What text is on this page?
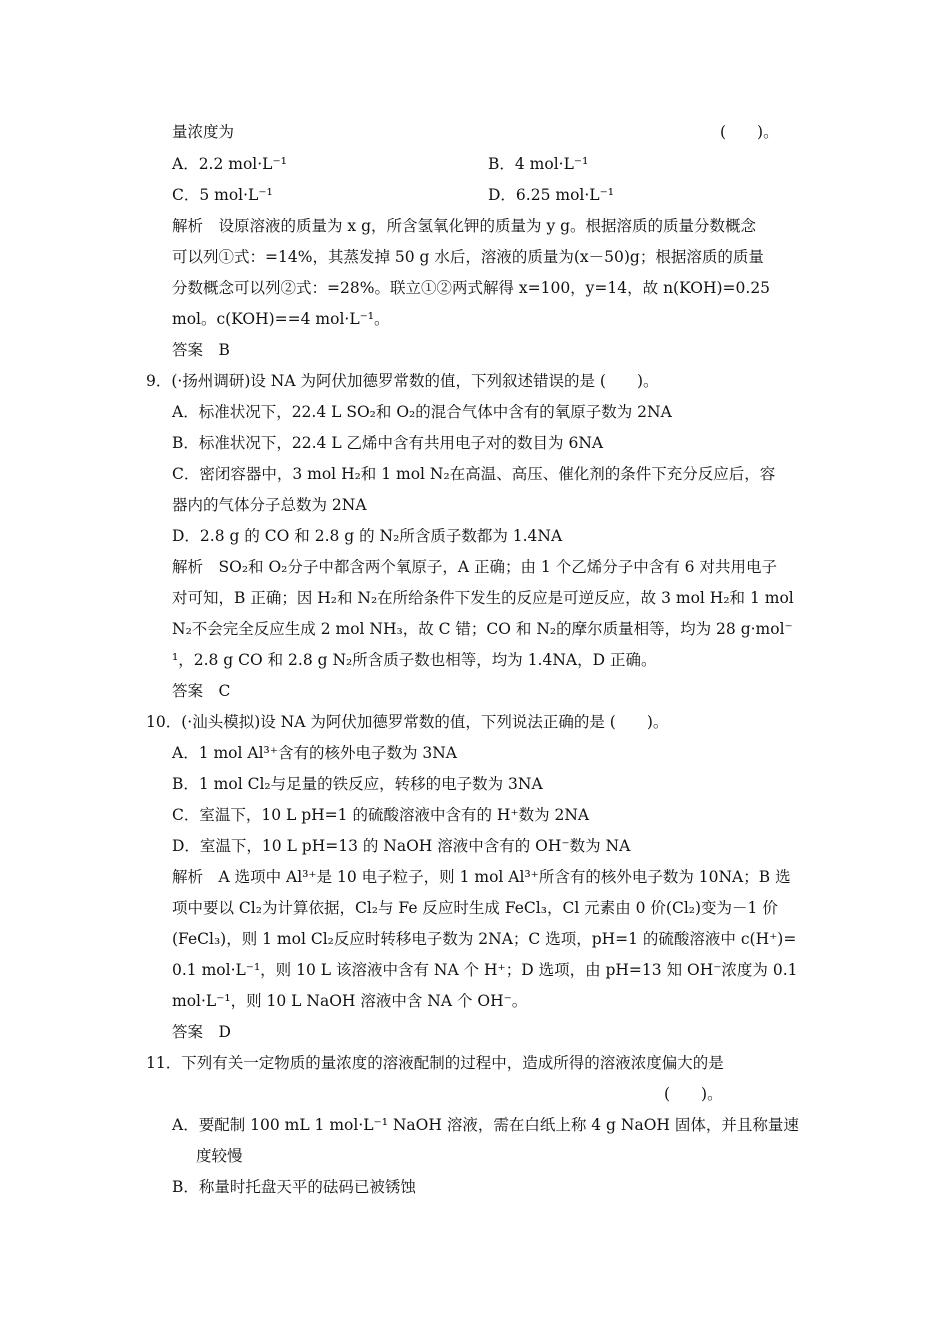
量浓度为	(　　)。
A．2.2 mol·L⁻¹	B．4 mol·L⁻¹
C．5 mol·L⁻¹	D．6.25 mol·L⁻¹
解析　设原溶液的质量为 x g，所含氢氧化钾的质量为 y g。根据溶质的质量分数概念
可以列①式：=14%，其蒸发掉 50 g 水后，溶液的质量为(x－50)g；根据溶质的质量
分数概念可以列②式：=28%。联立①②两式解得 x=100，y=14，故 n(KOH)=0.25
mol。c(KOH)==4 mol·L⁻¹。
答案　B
9．(·扬州调研)设 NA 为阿伏加德罗常数的值，下列叙述错误的是 (　　)。
A．标准状况下，22.4 L SO₂和 O₂的混合气体中含有的氧原子数为 2NA
B．标准状况下，22.4 L 乙烯中含有共用电子对的数目为 6NA
C．密闭容器中，3 mol H₂和 1 mol N₂在高温、高压、催化剂的条件下充分反应后，容
器内的气体分子总数为 2NA
D．2.8 g 的 CO 和 2.8 g 的 N₂所含质子数都为 1.4NA
解析　SO₂和 O₂分子中都含两个氧原子，A 正确；由 1 个乙烯分子中含有 6 对共用电子
对可知，B 正确；因 H₂和 N₂在所给条件下发生的反应是可逆反应，故 3 mol H₂和 1 mol
N₂不会完全反应生成 2 mol NH₃，故 C 错；CO 和 N₂的摩尔质量相等，均为 28 g·mol⁻
¹，2.8 g CO 和 2.8 g N₂所含质子数也相等，均为 1.4NA，D 正确。
答案　C
10．(·汕头模拟)设 NA 为阿伏加德罗常数的值，下列说法正确的是 (　　)。
A．1 mol Al³⁺含有的核外电子数为 3NA
B．1 mol Cl₂与足量的铁反应，转移的电子数为 3NA
C．室温下，10 L pH=1 的硫酸溶液中含有的 H⁺数为 2NA
D．室温下，10 L pH=13 的 NaOH 溶液中含有的 OH⁻数为 NA
解析　A 选项中 Al³⁺是 10 电子粒子，则 1 mol Al³⁺所含有的核外电子数为 10NA；B 选
项中要以 Cl₂为计算依据，Cl₂与 Fe 反应时生成 FeCl₃，Cl 元素由 0 价(Cl₂)变为－1 价
(FeCl₃)，则 1 mol Cl₂反应时转移电子数为 2NA；C 选项，pH=1 的硫酸溶液中 c(H⁺)=
0.1 mol·L⁻¹，则 10 L 该溶液中含有 NA 个 H⁺；D 选项，由 pH=13 知 OH⁻浓度为 0.1
mol·L⁻¹，则 10 L NaOH 溶液中含 NA 个 OH⁻。
答案　D
11．下列有关一定物质的量浓度的溶液配制的过程中，造成所得的溶液浓度偏大的是
(　　)。
A．要配制 100 mL 1 mol·L⁻¹ NaOH 溶液，需在白纸上称 4 g NaOH 固体，并且称量速
度较慢
B．称量时托盘天平的砝码已被锈蚀
